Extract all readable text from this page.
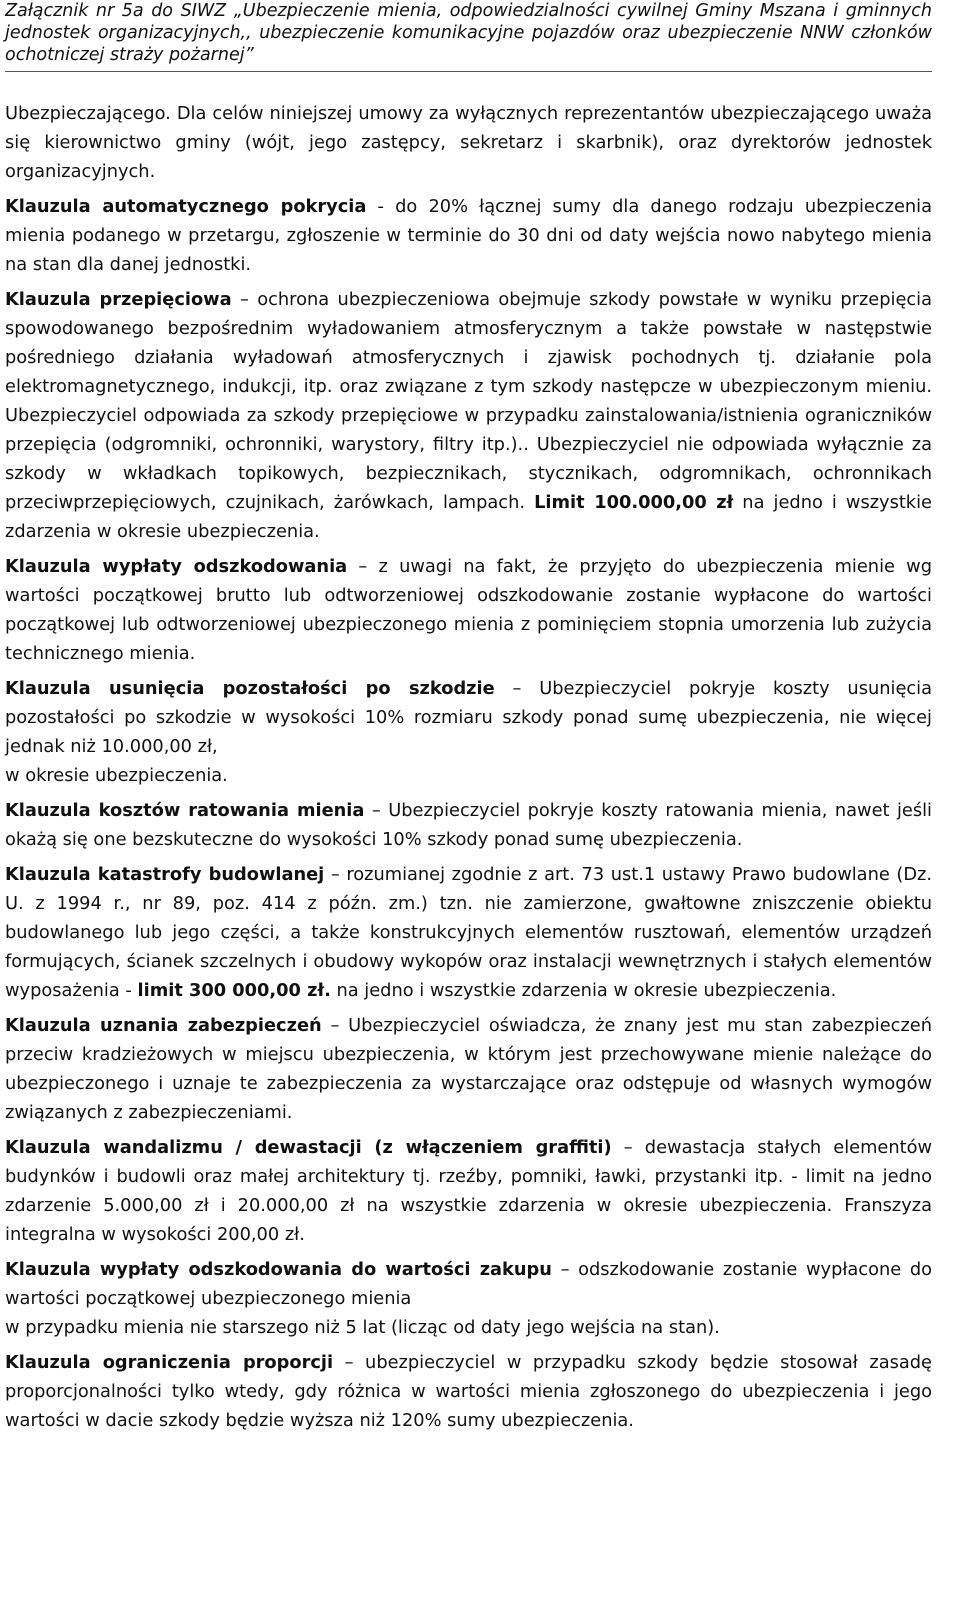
Załącznik nr 5a do SIWZ „Ubezpieczenie mienia, odpowiedzialności cywilnej Gminy Mszana i gminnych jednostek organizacyjnych,, ubezpieczenie komunikacyjne pojazdów oraz ubezpieczenie NNW członków ochotniczej straży pożarnej”

Ubezpieczającego. Dla celów niniejszej umowy za wyłącznych reprezentantów ubezpieczającego uważa się kierownictwo gminy (wójt, jego zastępcy, sekretarz i skarbnik), oraz dyrektorów jednostek organizacyjnych.

Klauzula automatycznego pokrycia - do 20% łącznej sumy dla danego rodzaju ubezpieczenia mienia podanego w przetargu, zgłoszenie w terminie do 30 dni od daty wejścia nowo nabytego mienia na stan dla danej jednostki.

Klauzula przepięciowa – ochrona ubezpieczeniowa obejmuje szkody powstałe w wyniku przepięcia spowodowanego bezpośrednim wyładowaniem atmosferycznym a także powstałe w następstwie pośredniego działania wyładowań atmosferycznych i zjawisk pochodnych tj. działanie pola elektromagnetycznego, indukcji, itp. oraz związane z tym szkody następcze w ubezpieczonym mieniu. Ubezpieczyciel odpowiada za szkody przepięciowe w przypadku zainstalowania/istnienia ograniczników przepięcia (odgromniki, ochronniki, warystory, filtry itp.).. Ubezpieczyciel nie odpowiada wyłącznie za szkody w wkładkach topikowych, bezpiecznikach, stycznikach, odgromnikach, ochronnikach przeciwprzepięciowych, czujnikach, żarówkach, lampach. Limit 100.000,00 zł na jedno i wszystkie zdarzenia w okresie ubezpieczenia.

Klauzula wypłaty odszkodowania – z uwagi na fakt, że przyjęto do ubezpieczenia mienie wg wartości początkowej brutto lub odtworzeniowej odszkodowanie zostanie wypłacone do wartości początkowej lub odtworzeniowej ubezpieczonego mienia z pominięciem stopnia umorzenia lub zużycia technicznego mienia.

Klauzula usunięcia pozostałości po szkodzie – Ubezpieczyciel pokryje koszty usunięcia pozostałości po szkodzie w wysokości 10% rozmiaru szkody ponad sumę ubezpieczenia, nie więcej jednak niż 10.000,00 zł,
w okresie ubezpieczenia.

Klauzula kosztów ratowania mienia – Ubezpieczyciel pokryje koszty ratowania mienia, nawet jeśli okażą się one bezskuteczne do wysokości 10% szkody ponad sumę ubezpieczenia.

Klauzula katastrofy budowlanej – rozumianej zgodnie z art. 73 ust.1 ustawy Prawo budowlane (Dz. U. z 1994 r., nr 89, poz. 414 z późn. zm.) tzn. nie zamierzone, gwałtowne zniszczenie obiektu budowlanego lub jego części, a także konstrukcyjnych elementów rusztowań, elementów urządzeń formujących, ścianek szczelnych i obudowy wykopów oraz instalacji wewnętrznych i stałych elementów wyposażenia - limit 300 000,00 zł. na jedno i wszystkie zdarzenia w okresie ubezpieczenia.

Klauzula uznania zabezpieczeń – Ubezpieczyciel oświadcza, że znany jest mu stan zabezpieczeń przeciw kradzieżowych w miejscu ubezpieczenia, w którym jest przechowywane mienie należące do ubezpieczonego i uznaje te zabezpieczenia za wystarczające oraz odstępuje od własnych wymogów związanych z zabezpieczeniami.

Klauzula wandalizmu / dewastacji (z włączeniem graffiti) – dewastacja stałych elementów budynków i budowli oraz małej architektury tj. rzeźby, pomniki, ławki, przystanki itp. - limit na jedno zdarzenie 5.000,00 zł i 20.000,00 zł na wszystkie zdarzenia w okresie ubezpieczenia. Franszyza integralna w wysokości 200,00 zł.

Klauzula wypłaty odszkodowania do wartości zakupu – odszkodowanie zostanie wypłacone do wartości początkowej ubezpieczonego mienia
w przypadku mienia nie starszego niż 5 lat (licząc od daty jego wejścia na stan).

Klauzula ograniczenia proporcji – ubezpieczyciel w przypadku szkody będzie stosował zasadę proporcjonalności tylko wtedy, gdy różnica w wartości mienia zgłoszonego do ubezpieczenia i jego wartości w dacie szkody będzie wyższa niż 120% sumy ubezpieczenia.
